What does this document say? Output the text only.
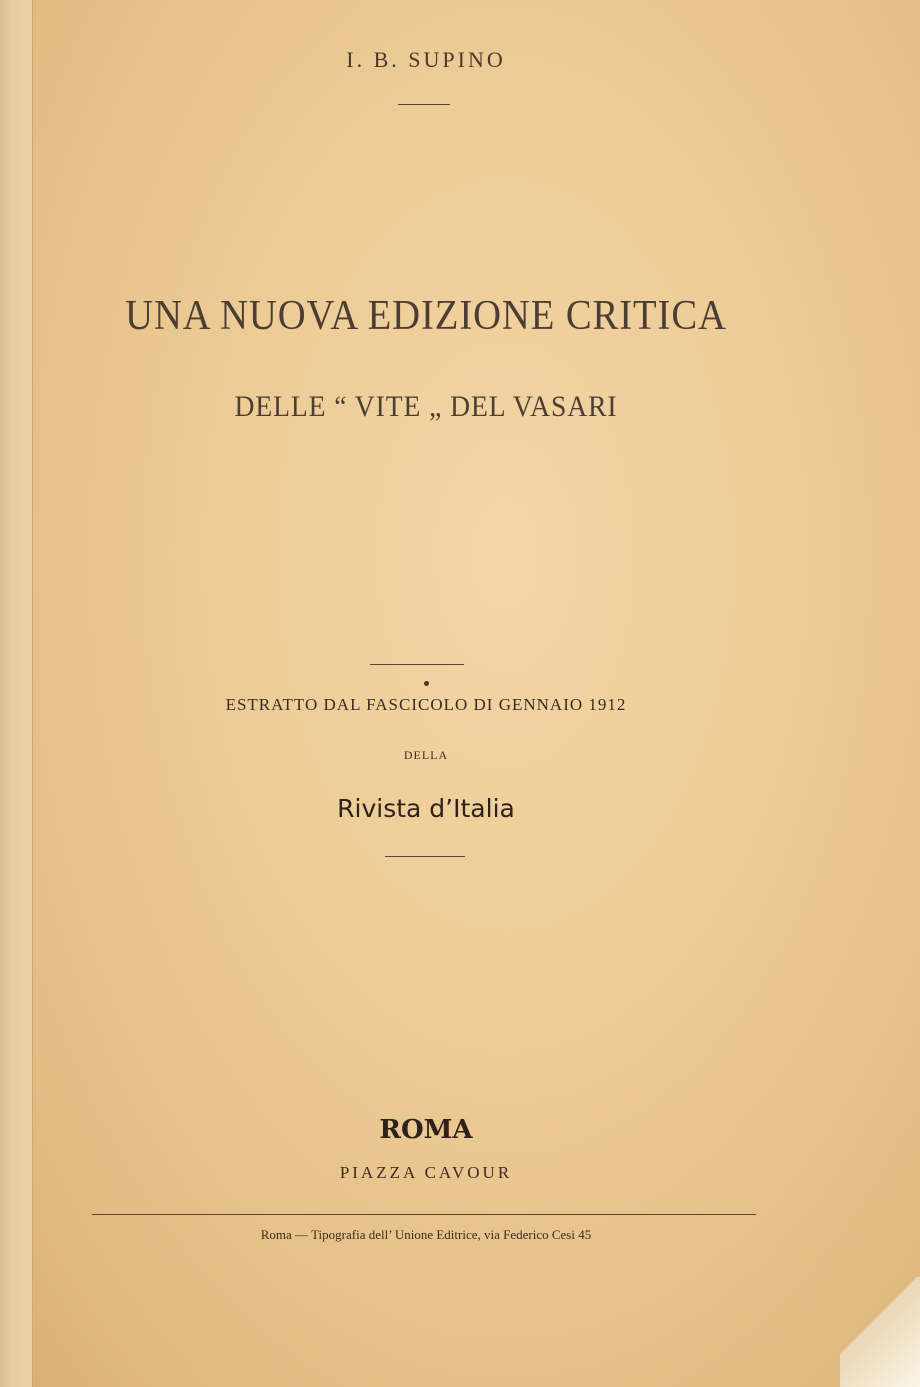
I. B. SUPINO
UNA NUOVA EDIZIONE CRITICA
DELLE “ VITE „ DEL VASARI
ESTRATTO DAL FASCICOLO DI GENNAIO 1912
DELLA
Rivista d’Italia
ROMA
PIAZZA CAVOUR
Roma — Tipografia dell’ Unione Editrice, via Federico Cesi 45
